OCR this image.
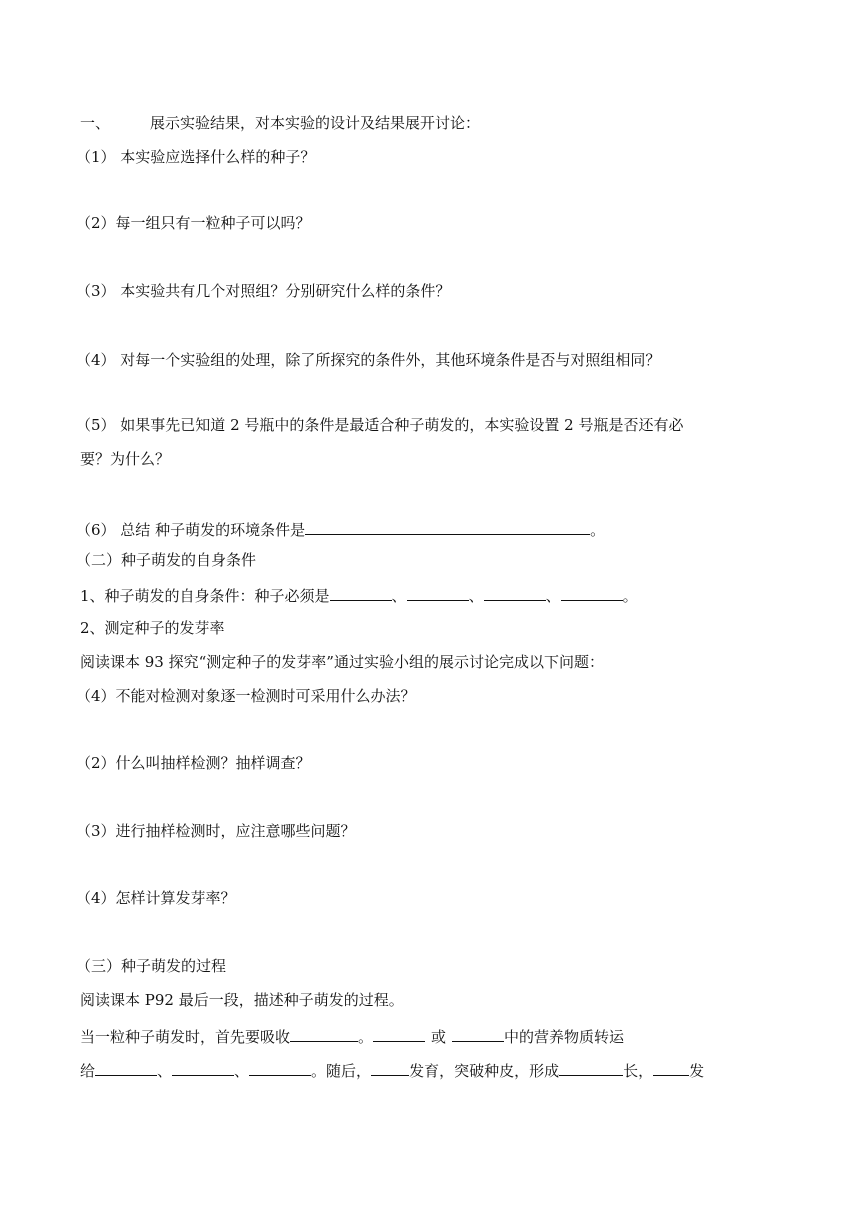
一、	展示实验结果，对本实验的设计及结果展开讨论：
（1） 本实验应选择什么样的种子？
（2）每一组只有一粒种子可以吗？
（3） 本实验共有几个对照组？分别研究什么样的条件？
（4） 对每一个实验组的处理，除了所探究的条件外，其他环境条件是否与对照组相同？
（5） 如果事先已知道 2 号瓶中的条件是最适合种子萌发的，本实验设置 2 号瓶是否还有必
要？为什么？
（6） 总结 种子萌发的环境条件是	。
（二）种子萌发的自身条件
1、种子萌发的自身条件：种子必须是	、	、	、	。
2、测定种子的发芽率
阅读课本 93 探究“测定种子的发芽率”通过实验小组的展示讨论完成以下问题：
（4）不能对检测对象逐一检测时可采用什么办法？
（2）什么叫抽样检测？抽样调查？
（3）进行抽样检测时，应注意哪些问题？
（4）怎样计算发芽率？
（三）种子萌发的过程
阅读课本 P92 最后一段，描述种子萌发的过程。
当一粒种子萌发时，首先要吸收	。	或	中的营养物质转运
给	、	、	。随后，	发育，突破种皮，形成	长， 发
